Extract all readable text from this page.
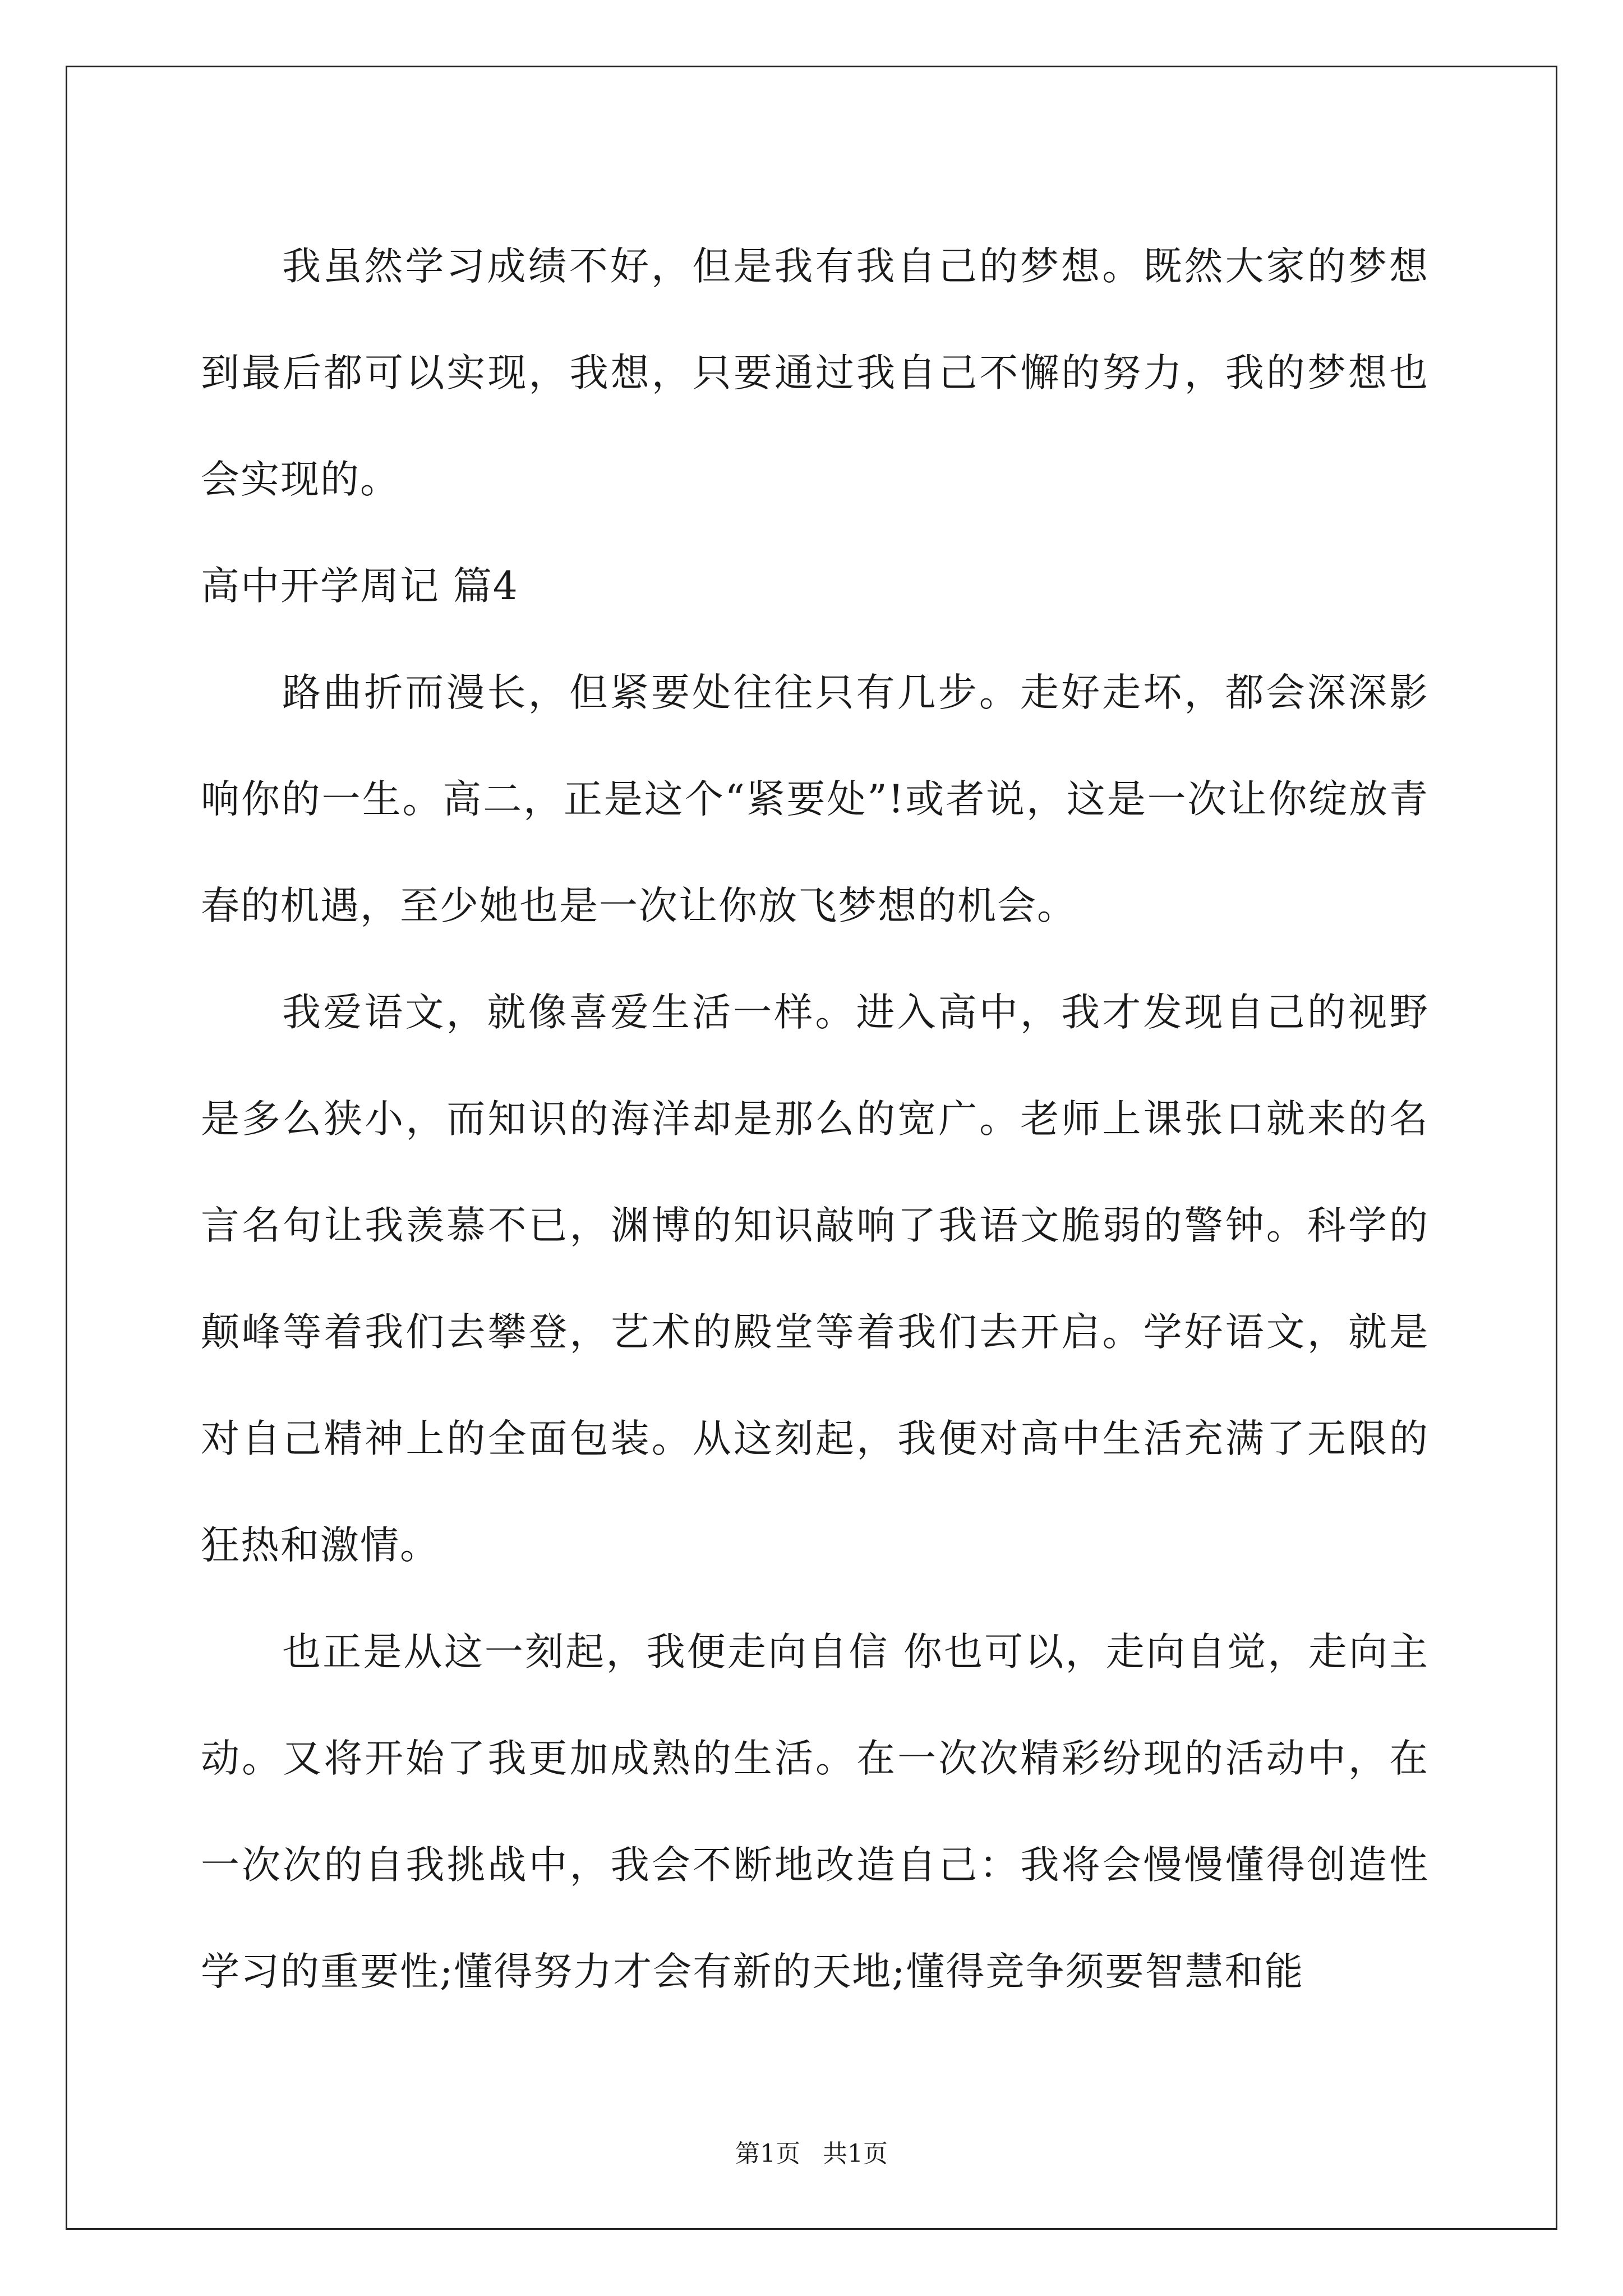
我虽然学习成绩不好，但是我有我自己的梦想。既然大家的梦想到最后都可以实现，我想，只要通过我自己不懈的努力，我的梦想也会实现的。

高中开学周记 篇4

路曲折而漫长，但紧要处往往只有几步。走好走坏，都会深深影响你的一生。高二，正是这个“紧要处”!或者说，这是一次让你绽放青春的机遇，至少她也是一次让你放飞梦想的机会。

我爱语文，就像喜爱生活一样。进入高中，我才发现自己的视野是多么狭小，而知识的海洋却是那么的宽广。老师上课张口就来的名言名句让我羡慕不已，渊博的知识敲响了我语文脆弱的警钟。科学的颠峰等着我们去攀登，艺术的殿堂等着我们去开启。学好语文，就是对自己精神上的全面包装。从这刻起，我便对高中生活充满了无限的狂热和激情。

也正是从这一刻起，我便走向自信 你也可以，走向自觉，走向主动。又将开始了我更加成熟的生活。在一次次精彩纷现的活动中，在一次次的自我挑战中，我会不断地改造自己：我将会慢慢懂得创造性学习的重要性;懂得努力才会有新的天地;懂得竞争须要智慧和能

第1页 共1页
